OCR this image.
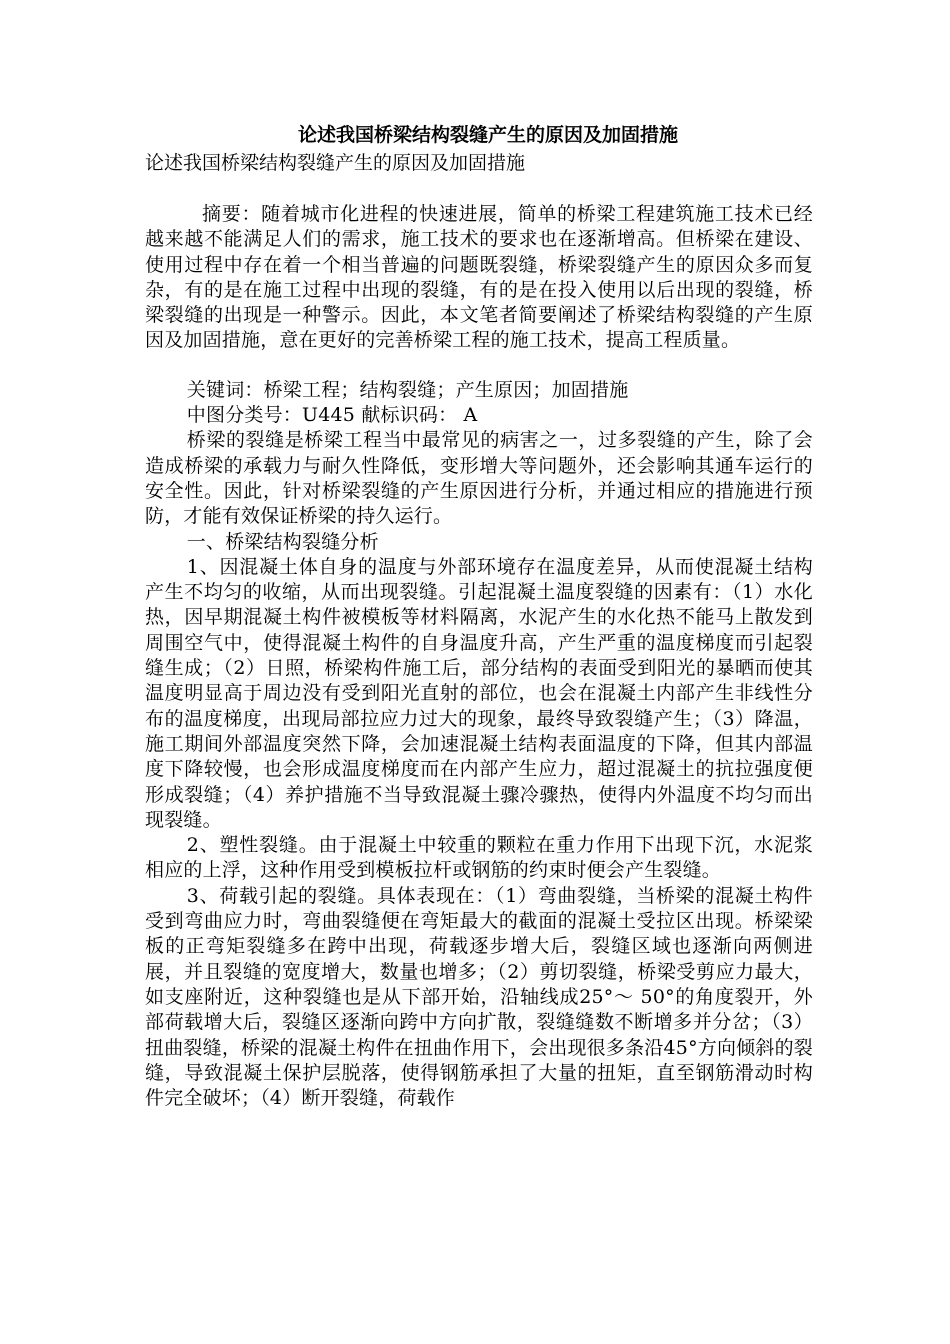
论述我国桥梁结构裂缝产生的原因及加固措施

论述我国桥梁结构裂缝产生的原因及加固措施

摘要：随着城市化进程的快速进展，简单的桥梁工程建筑施工技术已经越来越不能满足人们的需求，施工技术的要求也在逐渐增高。但桥梁在建设、使用过程中存在着一个相当普遍的问题既裂缝，桥梁裂缝产生的原因众多而复杂，有的是在施工过程中出现的裂缝，有的是在投入使用以后出现的裂缝，桥梁裂缝的出现是一种警示。因此，本文笔者简要阐述了桥梁结构裂缝的产生原因及加固措施，意在更好的完善桥梁工程的施工技术，提高工程质量。

关键词：桥梁工程；结构裂缝；产生原因；加固措施

中图分类号：U445 献标识码： A

桥梁的裂缝是桥梁工程当中最常见的病害之一，过多裂缝的产生，除了会造成桥梁的承载力与耐久性降低，变形增大等问题外，还会影响其通车运行的安全性。因此，针对桥梁裂缝的产生原因进行分析，并通过相应的措施进行预防，才能有效保证桥梁的持久运行。

一、桥梁结构裂缝分析

1、因混凝土体自身的温度与外部环境存在温度差异，从而使混凝土结构产生不均匀的收缩，从而出现裂缝。引起混凝土温度裂缝的因素有：（1）水化热，因早期混凝土构件被模板等材料隔离，水泥产生的水化热不能马上散发到周围空气中，使得混凝土构件的自身温度升高，产生严重的温度梯度而引起裂缝生成；（2）日照，桥梁构件施工后，部分结构的表面受到阳光的暴晒而使其温度明显高于周边没有受到阳光直射的部位，也会在混凝土内部产生非线性分布的温度梯度，出现局部拉应力过大的现象，最终导致裂缝产生；（3）降温，施工期间外部温度突然下降，会加速混凝土结构表面温度的下降，但其内部温度下降较慢，也会形成温度梯度而在内部产生应力，超过混凝土的抗拉强度便形成裂缝；（4）养护措施不当导致混凝土骤冷骤热，使得内外温度不均匀而出现裂缝。

2、塑性裂缝。由于混凝土中较重的颗粒在重力作用下出现下沉，水泥浆相应的上浮，这种作用受到模板拉杆或钢筋的约束时便会产生裂缝。

3、荷载引起的裂缝。具体表现在：（1）弯曲裂缝，当桥梁的混凝土构件受到弯曲应力时，弯曲裂缝便在弯矩最大的截面的混凝土受拉区出现。桥梁梁板的正弯矩裂缝多在跨中出现，荷载逐步增大后，裂缝区域也逐渐向两侧进展，并且裂缝的宽度增大，数量也增多；（2）剪切裂缝，桥梁受剪应力最大，如支座附近，这种裂缝也是从下部开始，沿轴线成25°～ 50°的角度裂开，外部荷载增大后，裂缝区逐渐向跨中方向扩散，裂缝缝数不断增多并分岔；（3）扭曲裂缝，桥梁的混凝土构件在扭曲作用下，会出现很多条沿45°方向倾斜的裂缝，导致混凝土保护层脱落，使得钢筋承担了大量的扭矩，直至钢筋滑动时构件完全破坏；（4）断开裂缝，荷载作
